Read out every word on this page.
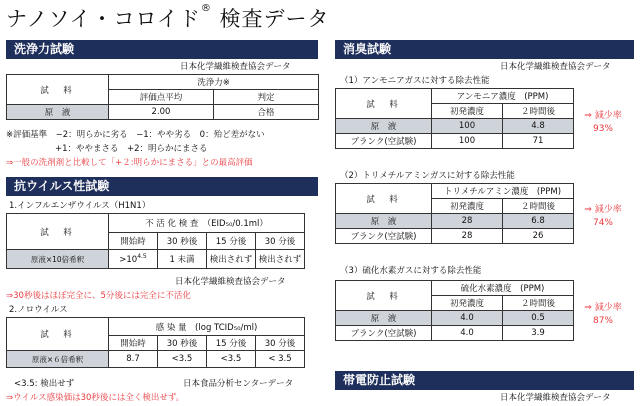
ナノソイ・コロイド® 検査データ
洗浄力試験
日本化学繊維検査協会データ
試　料	洗浄力※	
	評価点平均	判定
原　液	2.00	合格
※評価基準　−2：明らかに劣る　−1：やや劣る　0：殆ど差がない
+1：ややまさる　+2：明らかにまさる
⇒一般の洗剤剤と比較して「+２:明らかにまさる」との最高評価
抗ウイルス性試験
1.インフルエンザウイルス（H1N1）
試　料	不 活 化 検 査　（EID₅₀/0.1ml）			
	開始時	30 秒後	15 分後	30 分後
原液×10倍希釈	$>10^{4.5}$	1 未満	検出されず	検出されず
日本化学繊維検査協会データ
⇒30秒後はほぼ完全に、5分後には完全に不活化
2.ノロウイルス
試　料	感 染 量　(log TCID₅₀/ml)			
	開始時	30 秒後	15 分後	30 分後
原液×６倍希釈	8.7	<3.5	<3.5	< 3.5
<3.5: 検出せず	日本食品分析センターデータ
⇒ウイルス感染価は30秒後には全く検出せず。
消臭試験
日本化学繊維検査協会データ
（1）アンモニアガスに対する除去性能
試　料	アンモニア濃度　(PPM)	
	初発濃度	２時間後
原　液	100	4.8
ブランク(空試験)	100	71
⇒ 減少率
93%
（2）トリメチルアミンガスに対する除去性能
試　料	トリメチルアミン濃度　(PPM)	
	初発濃度	２時間後
原　液	28	6.8
ブランク(空試験)	28	26
⇒ 減少率
74%
（3）硫化水素ガスに対する除去性能
試　料	硫化水素濃度　(PPM)	
	初発濃度	２時間後
原　液	4.0	0.5
ブランク(空試験)	4.0	3.9
⇒ 減少率
87%
帯電防止試験
日本化学繊維検査協会データ
